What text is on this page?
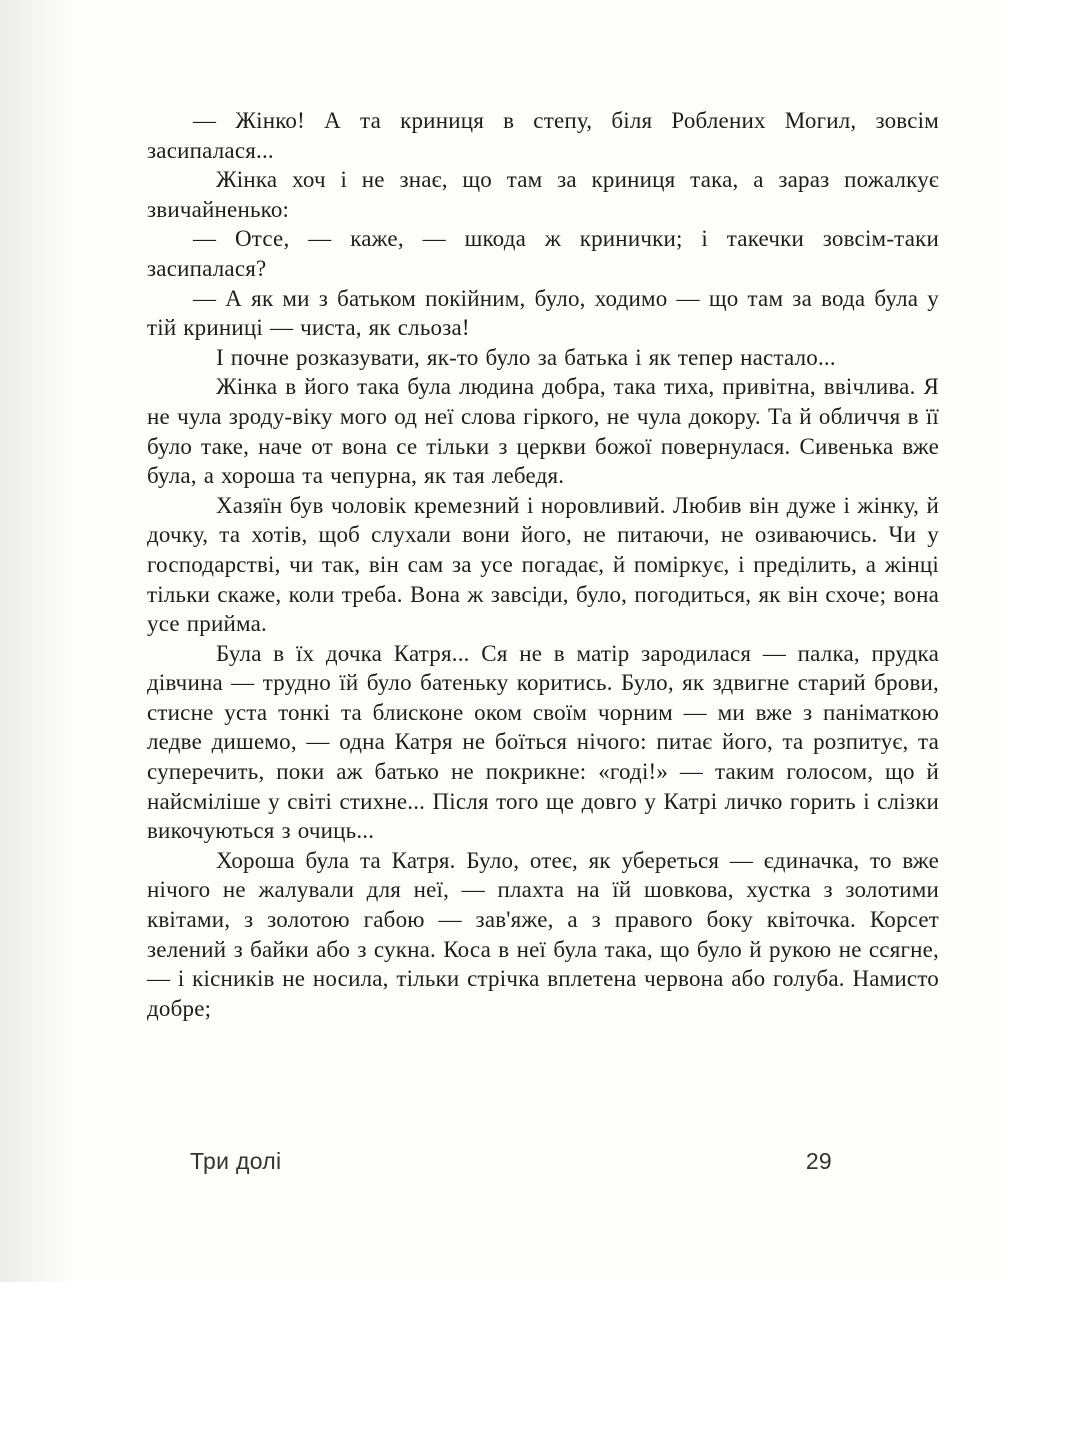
— Жінко! А та криниця в степу, біля Роблених Могил, зовсім засипалася...

Жінка хоч і не знає, що там за криниця така, а зараз пожалкує звичайненько:

— Отсе, — каже, — шкода ж кринички; і такечки зовсім-таки засипалася?

— А як ми з батьком покійним, було, ходимо — що там за вода була у тій криниці — чиста, як сльоза!

І почне розказувати, як-то було за батька і як тепер настало...

Жінка в його така була людина добра, така тиха, привітна, ввічлива. Я не чула зроду-віку мого од неї слова гіркого, не чула докору. Та й обличчя в її було таке, наче от вона се тільки з церкви божої повернулася. Сивенька вже була, а хороша та чепурна, як тая лебедя.

Хазяїн був чоловік кремезний і норовливий. Любив він дуже і жінку, й дочку, та хотів, щоб слухали вони його, не питаючи, не озиваючись. Чи у господарстві, чи так, він сам за усе погадає, й поміркує, і преділить, а жінці тільки скаже, коли треба. Вона ж завсіди, було, погодиться, як він схоче; вона усе прийма.

Була в їх дочка Катря... Ся не в матір зародилася — палка, прудка дівчина — трудно їй було батеньку коритись. Було, як здвигне старий брови, стисне уста тонкі та блисконе оком своїм чорним — ми вже з паніматкою ледве дишемо, — одна Катря не боїться нічого: питає його, та розпитує, та суперечить, поки аж батько не покрикне: «годі!» — таким голосом, що й найсміліше у світі стихне... Після того ще довго у Катрі личко горить і слізки викочуються з очиць...

Хороша була та Катря. Було, отеє, як убереться — єдиначка, то вже нічого не жалували для неї, — плахта на їй шовкова, хустка з золотими квітами, з золотою габою — зав'яже, а з правого боку квіточка. Корсет зелений з байки або з сукна. Коса в неї була така, що було й рукою не ссягне, — і кісників не носила, тільки стрічка вплетена червона або голуба. Намисто добре;

Три долі	29
